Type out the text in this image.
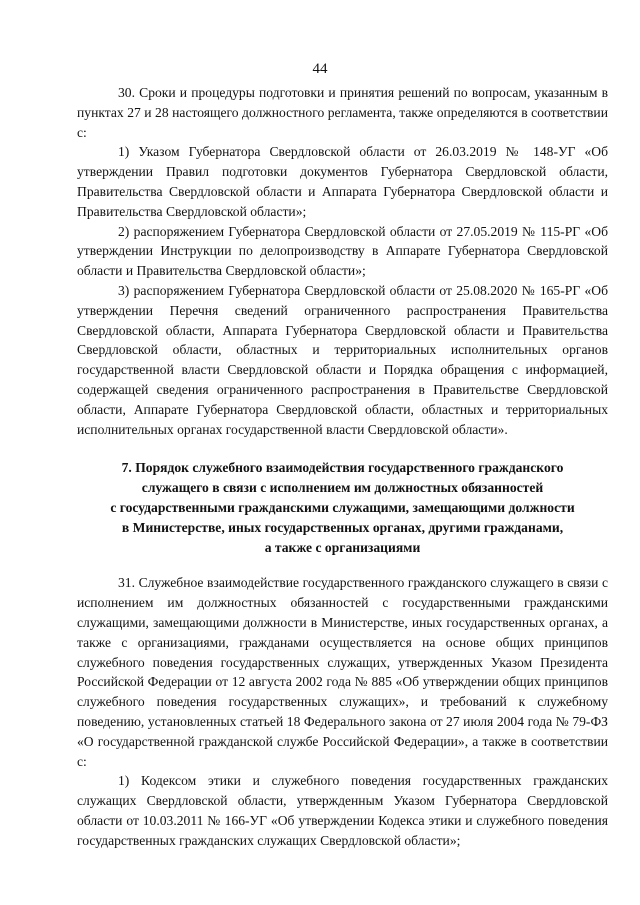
44

30. Сроки и процедуры подготовки и принятия решений по вопросам, указанным в пунктах 27 и 28 настоящего должностного регламента, также определяются в соответствии с:

1) Указом Губернатора Свердловской области от 26.03.2019 № 148-УГ «Об утверждении Правил подготовки документов Губернатора Свердловской области, Правительства Свердловской области и Аппарата Губернатора Свердловской области и Правительства Свердловской области»;

2) распоряжением Губернатора Свердловской области от 27.05.2019 № 115-РГ «Об утверждении Инструкции по делопроизводству в Аппарате Губернатора Свердловской области и Правительства Свердловской области»;

3) распоряжением Губернатора Свердловской области от 25.08.2020 № 165-РГ «Об утверждении Перечня сведений ограниченного распространения Правительства Свердловской области, Аппарата Губернатора Свердловской области и Правительства Свердловской области, областных и территориальных исполнительных органов государственной власти Свердловской области и Порядка обращения с информацией, содержащей сведения ограниченного распространения в Правительстве Свердловской области, Аппарате Губернатора Свердловской области, областных и территориальных исполнительных органах государственной власти Свердловской области».

7. Порядок служебного взаимодействия государственного гражданского

служащего в связи с исполнением им должностных обязанностей

с государственными гражданскими служащими, замещающими должности

в Министерстве, иных государственных органах, другими гражданами,

а также с организациями

31. Служебное взаимодействие государственного гражданского служащего в связи с исполнением им должностных обязанностей с государственными гражданскими служащими, замещающими должности в Министерстве, иных государственных органах, а также с организациями, гражданами осуществляется на основе общих принципов служебного поведения государственных служащих, утвержденных Указом Президента Российской Федерации от 12 августа 2002 года № 885 «Об утверждении общих принципов служебного поведения государственных служащих», и требований к служебному поведению, установленных статьей 18 Федерального закона от 27 июля 2004 года № 79-ФЗ «О государственной гражданской службе Российской Федерации», а также в соответствии с:

1) Кодексом этики и служебного поведения государственных гражданских служащих Свердловской области, утвержденным Указом Губернатора Свердловской области от 10.03.2011 № 166-УГ «Об утверждении Кодекса этики и служебного поведения государственных гражданских служащих Свердловской области»;
